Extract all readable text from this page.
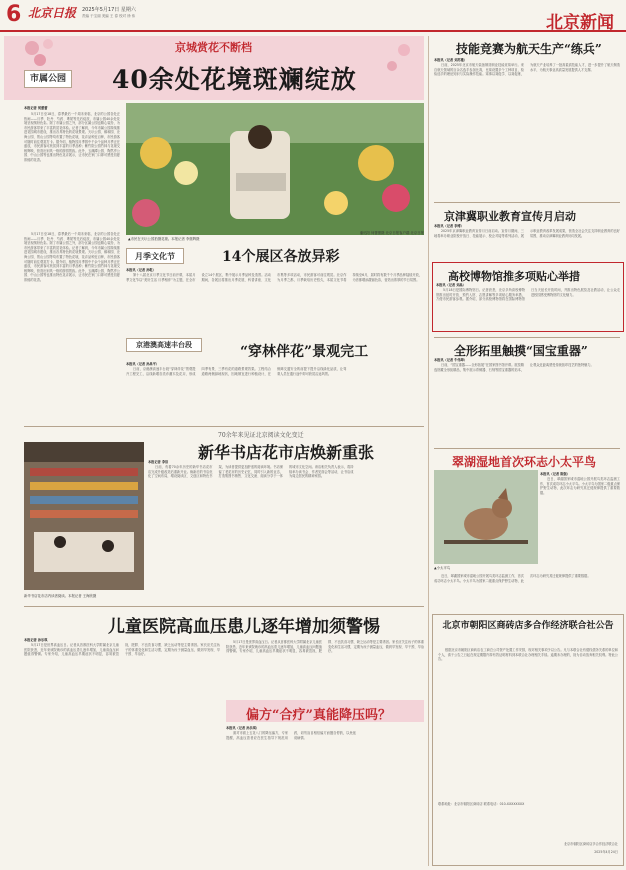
6 北京日报 2025年5月17日 星期六
责编 于宝丽 美编 王 春 校对 徐 伟	北京新闻
京城赏花不断档
市属公园 40余处花境斑斓绽放
本报记者 何蕾蕾

5月17日至18日，春季最后一个周末来临，北京的公园各处正热闹——月季、牡丹、芍药、鸢尾等先后绽放，市属公园40余处花境呈现缤纷色彩。除了市属公园之外，部分区属公园也精心装扮，为市民游客带来了丰富的赏花体验。记者了解到，今年市属公园持续推进花园城市建设，推出各具特色的花境景观。天坛公园、颐和园、北海公园、景山公园等均布置了特色花境，花卉品种近百种，市民游客可随时前往观赏打卡。据介绍，植物园月季园中千余个品种月季正在盛放，市民游客可欣赏到丰富的月季品种；紫竹院公园竹林与花境交相辉映，营造出别具一格的游园景致。此外，玉渊潭公园、陶然亭公园、中山公园等也推出特色花卉展示，让市民在家门口即可感受初夏浓郁的花香。

▲市民在天坛公园拍摄花境。本报记者 李继辉摄
潘迅阳 何蕾蕾摄 北京日报客户端 北京日报
月季文化节	14个展区各放异彩
本报讯（记者 孙乾）

第十八届北京月季文化节日前开幕，本届月季文化节以“美好生活 月季相伴”为主题，在全市设立14个展区，集中展示月季品种及造景。活动期间，各展区将推出月季花展、科普讲座、文化市集等多项活动，市民游客可前往观赏。北京作为月季之都，月季栽培历史悠久，本届文化节将持续至6月，届时将有数千个月季品种陆续开放，为首都增添靓丽色彩，营造出浓厚的节日氛围。

5月17日至18日，春季最后一个周末来临，北京的公园各处正热闹——月季、牡丹、芍药、鸢尾等先后绽放，市属公园40余处花境呈现缤纷色彩。除了市属公园之外，部分区属公园也精心装扮，为市民游客带来了丰富的赏花体验。记者了解到，今年市属公园持续推进花园城市建设，推出各具特色的花境景观。天坛公园、颐和园、北海公园、景山公园等均布置了特色花境，花卉品种近百种，市民游客可随时前往观赏打卡。据介绍，植物园月季园中千余个品种月季正在盛放，市民游客可欣赏到丰富的月季品种；紫竹院公园竹林与花境交相辉映，营造出别具一格的游园景致。此外，玉渊潭公园、陶然亭公园、中山公园等也推出特色花卉展示，让市民在家门口即可感受初夏浓郁的花香。

京港澳高速丰台段	“穿林伴花”景观完工
本报讯（记者 孙昌平）

日前，京港澳高速丰台段“穿林伴花”景观提升工程完工，沿线新增各类乔灌木及花卉，形成四季有景、三季有花的道路景观效果。工程结合道路两侧绿地现状，因地制宜进行种植设计，在保障交通安全的前提下提升沿线绿化品质，让驾乘人员在通行途中即可欣赏沿途风景。

70余年来见证北京阅读文化变迁
新华书店花市店焕新重张
新华书店花市店内读者阅读。本报记者 王海欣摄
本报记者 李洁

日前，有着70余年历史的新华书店花市店完成升级改造后重新开业。焕新后的书店优化了空间布局，增设阅读区、文创区和特色书架，为读者提供更加舒适的阅读环境。书店保留了老花市的历史记忆，同时引入新的业态，打造集图书销售、文化交流、阅读分享于一体的城市文化空间。该店相关负责人表示，将持续举办读书会、作者见面会等活动，让书店成为周边居民的精神家园。

儿童医院高血压患儿逐年增加须警惕
本报记者 孙乐琪

5月17日是世界高血压日。记者从首都医科大学附属北京儿童医院获悉，近年来该院就诊的高血压患儿逐年增加，儿童高血压问题值得警惕。专家介绍，儿童高血压早期症状不明显，容易被忽视，肥胖、不良饮食习惯、缺乏运动等是主要诱因。家长应关注孩子的体重变化和生活习惯，定期为孩子测量血压，做到早发现、早干预、早治疗。

5月17日是世界高血压日。记者从首都医科大学附属北京儿童医院获悉，近年来该院就诊的高血压患儿逐年增加，儿童高血压问题值得警惕。专家介绍，儿童高血压早期症状不明显，容易被忽视，肥胖、不良饮食习惯、缺乏运动等是主要诱因。家长应关注孩子的体重变化和生活习惯，定期为孩子测量血压，做到早发现、早干预、早治疗。

偏方“合疗”真能降压吗？
本报讯（记者 孙乐琪）

面对市面上五花八门的降压偏方，专家提醒，高血压患者应在医生指导下规范用药，切勿盲目相信偏方而擅自停药，以免延误病情。

技能竞赛为航天生产“练兵”
本报讯（记者 刘苏雅）

日前，2025年北京市航天装备制造职业技能竞赛举行。来自航天领域的百余名选手参加比赛，比赛设置多个工种项目，检验选手的理论知识与实际操作技能。赛事以赛促学、以赛促练，为航天产业培养了一批高素质技能人才，进一步提升了航天制造水平，为航天事业高质量发展提供人才支撑。

京津冀职业教育宣传月启动
本报讯（记者 李博）

2025年京津冀职业教育宣传月日前启动。宣传月期间，三地将举办职业院校开放日、技能展示、校企对接等系列活动，展示职业教育改革发展成果，营造全社会关注支持职业教育的良好氛围，推动京津冀职业教育协同发展。

高校博物馆推多项贴心举措
本报讯（记者 刘晶）

5月18日是国际博物馆日。记者获悉，北京多所高校博物馆推出延时开放、预约入馆、志愿讲解等多项贴心服务举措，方便市民游客参观。据介绍，部分高校博物馆将在国际博物馆日当天延长开放时间，并推出特色展览及社教活动，让公众走进校园感受博物馆的文化魅力。

全形拓里触摸“国宝重器”
本报讯（记者 牛伟坤）

日前，“国宝重器——全形拓展”在国家图书馆开幕。展览精选馆藏全形拓精品，集中展示青铜器、石刻等国宝重器的拓本，让观众近距离感受传统拓印技艺的独特魅力。

翠湖湿地首次环志小太平鸟
▲小太平鸟
本报讯（记者 陈强）

近日，翠湖国家城市湿地公园开展鸟类环志监测工作，首次成功环志小太平鸟。小太平鸟为国家二级重点保护野生动物，此次环志为研究其迁徙规律提供了重要数据。

近日，翠湖国家城市湿地公园开展鸟类环志监测工作，首次成功环志小太平鸟。小太平鸟为国家二级重点保护野生动物，此次环志为研究其迁徙规律提供了重要数据。

北京市朝阳区商砖店多合作经济联合社公告

根据北京市朝阳区商砖店农工商总公司资产处置工作安排，现对相关事项予以公告。凡与本联合社有债权债务关系的单位和个人，请于公告之日起在规定期限内持有效证明材料到本联合社办理相关手续。逾期未办理的，视为自动放弃相关权利。特此公告。

联系地址：北京市朝阳区商砖店 联系电话：010-XXXXXXXX
北京市朝阳区商砖店多合作经济联合社
2025年4月24日
